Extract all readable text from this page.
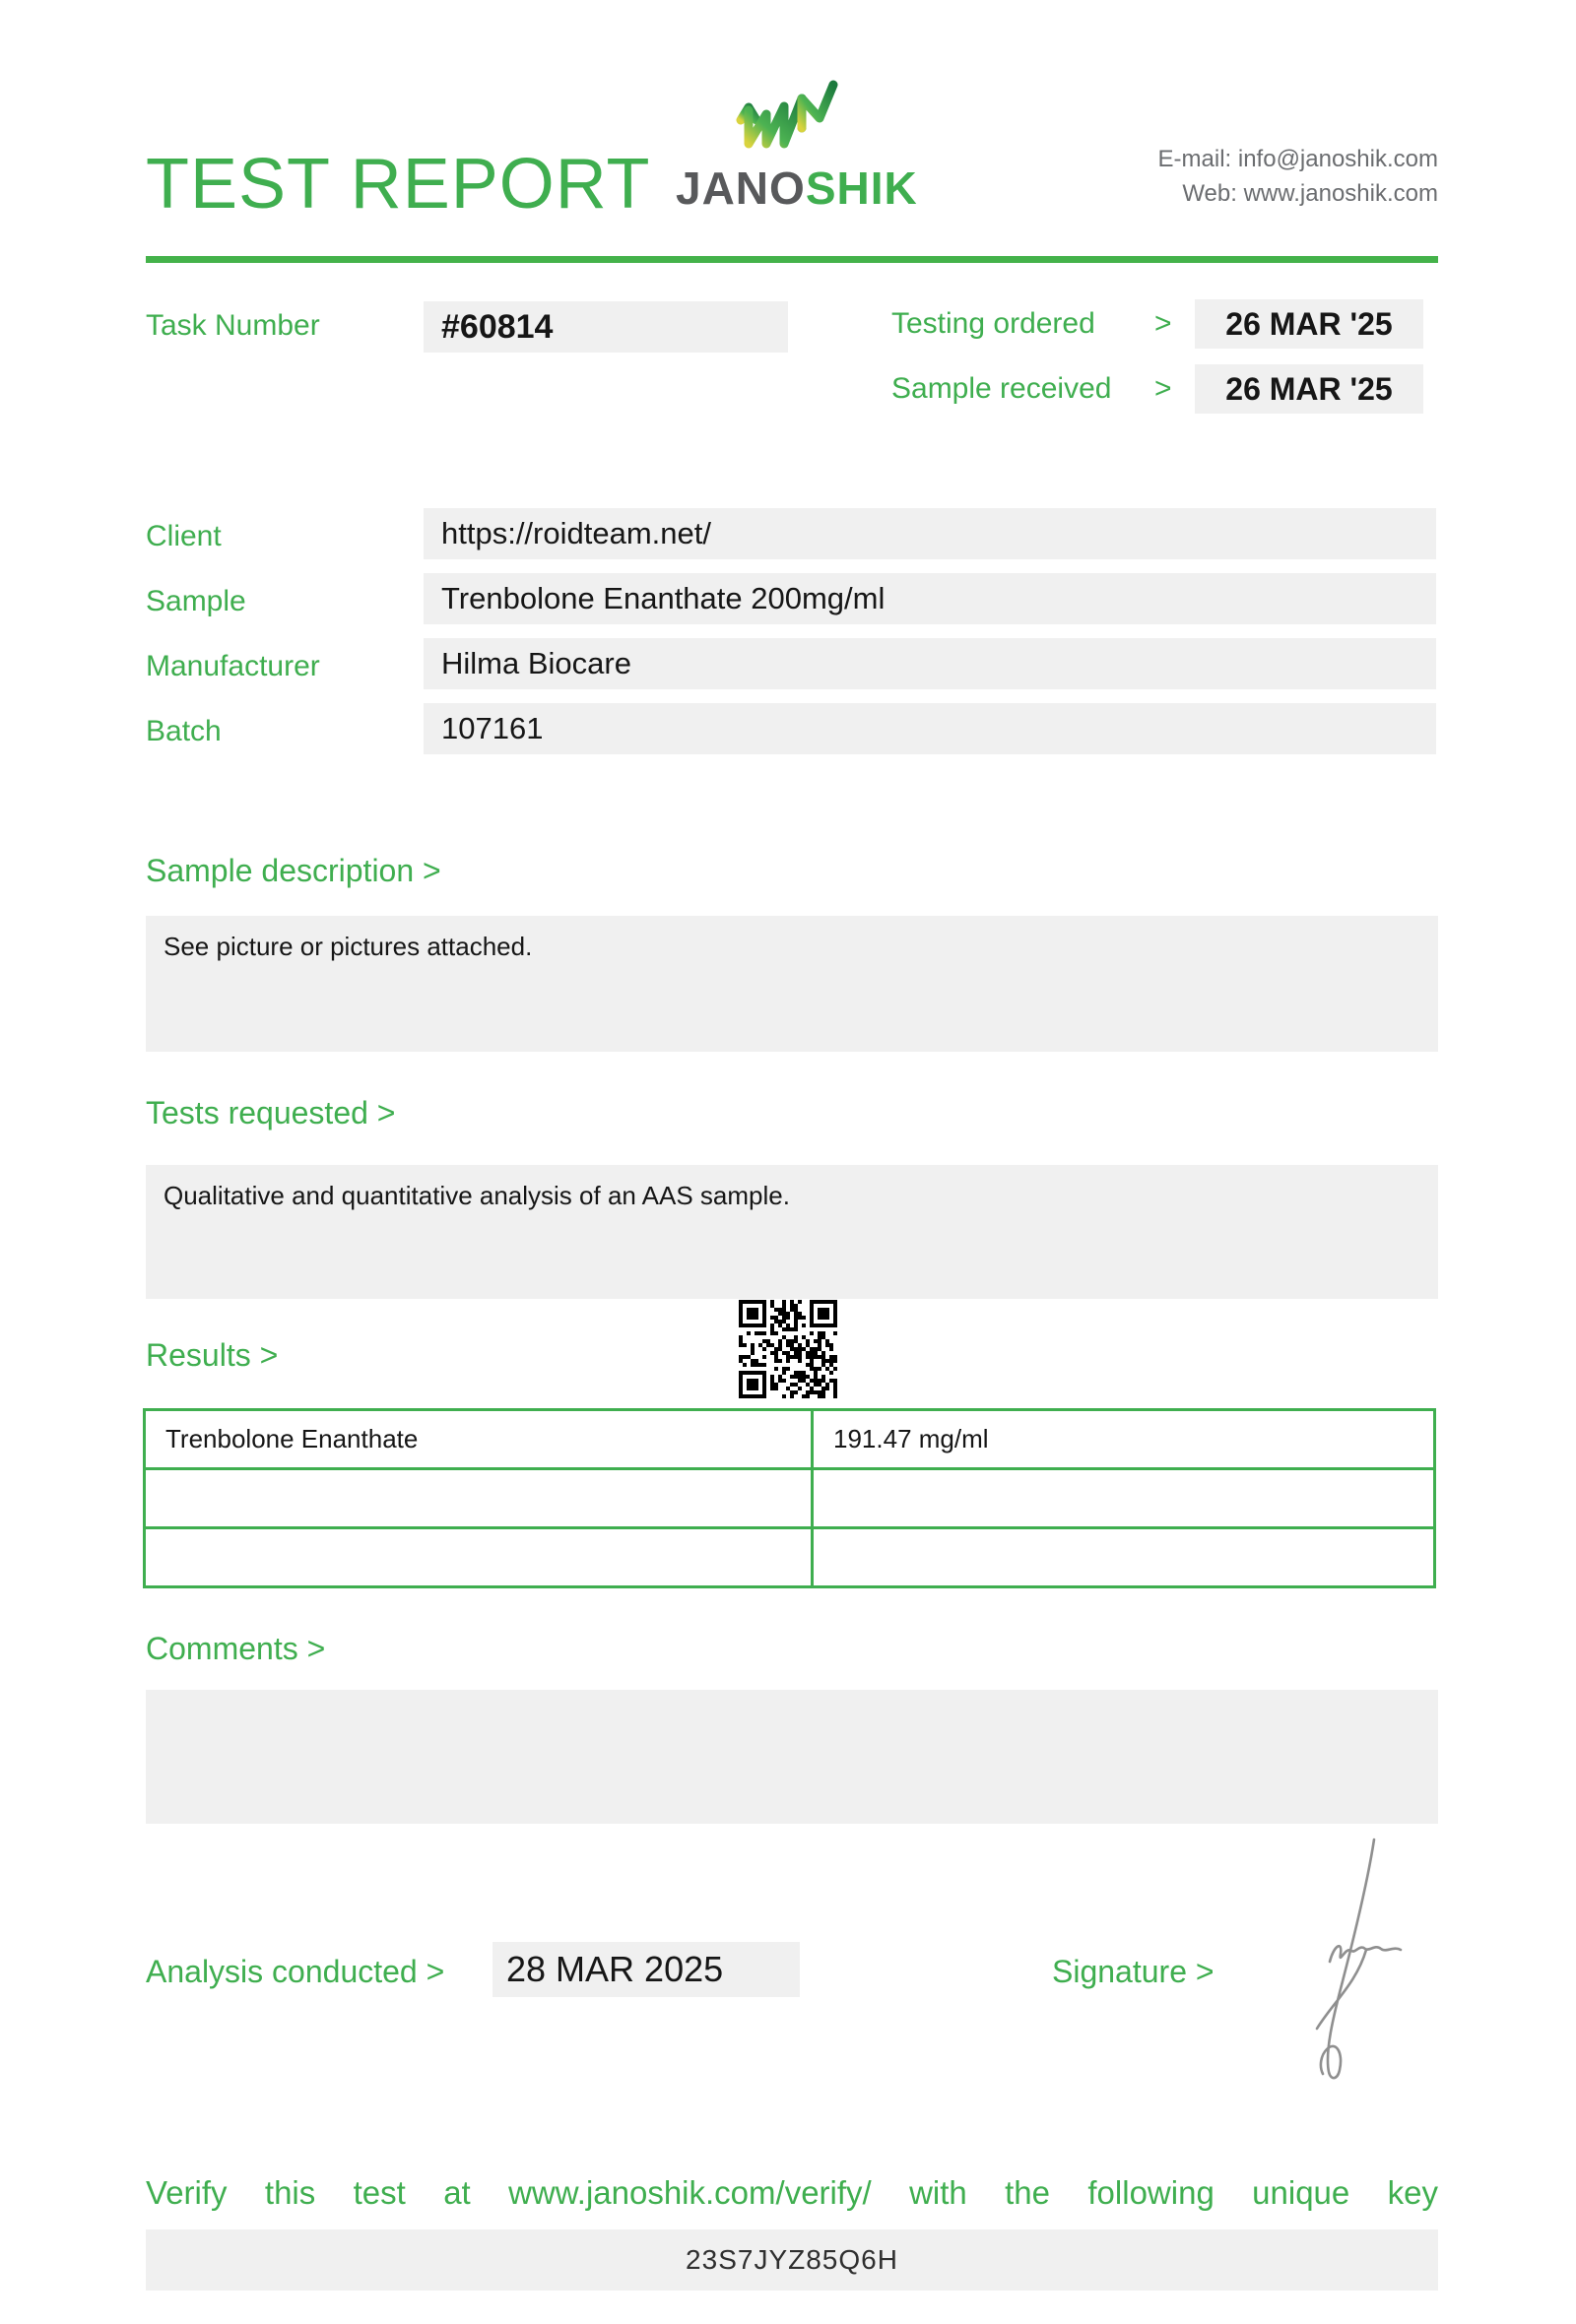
TEST REPORT JANOSHIK
E-mail: info@janoshik.com
Web: www.janoshik.com
Task Number	#60814	Testing ordered >	26 MAR '25
Sample received >	26 MAR '25
Client	https://roidteam.net/
Sample	Trenbolone Enanthate 200mg/ml
Manufacturer	Hilma Biocare
Batch	107161
Sample description >
See picture or pictures attached.
Tests requested >
Qualitative and quantitative analysis of an AAS sample.
Results >
Trenbolone Enanthate	191.47 mg/ml

Comments >
Analysis conducted >	28 MAR 2025	Signature >
Verify this test at www.janoshik.com/verify/ with the following unique key
23S7JYZ85Q6H
